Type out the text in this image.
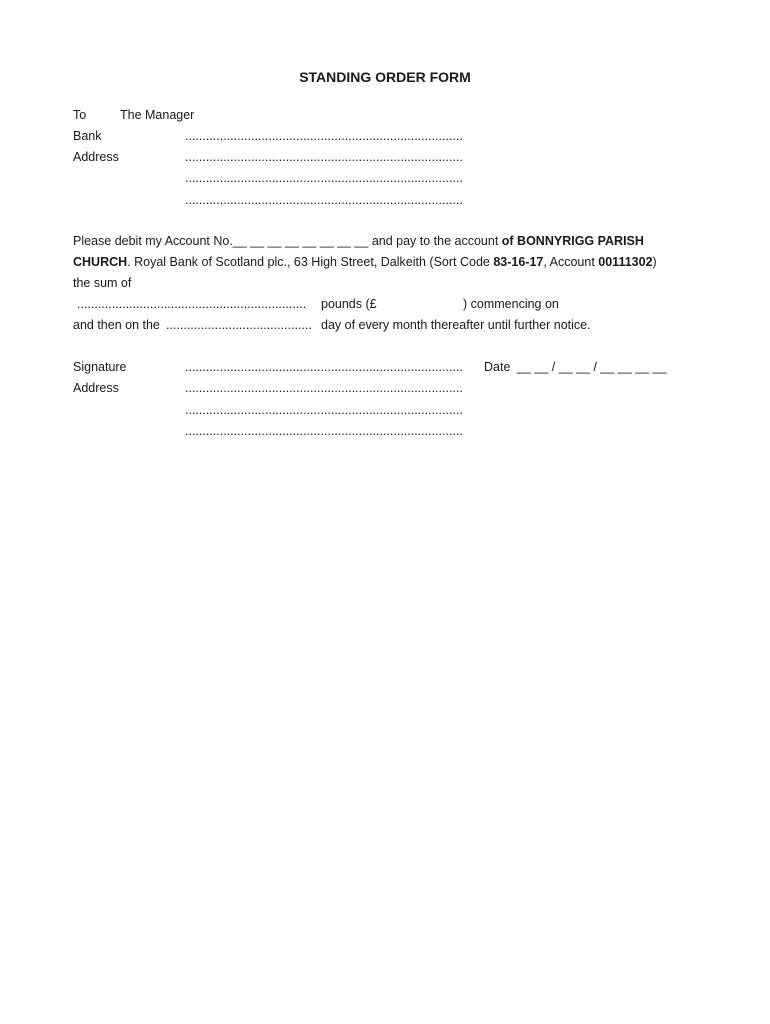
STANDING ORDER FORM
To	The Manager
Bank	................................................................................
Address	................................................................................
................................................................................
................................................................................
Please debit my Account No.__ __ __ __ __ __ __ __ and pay to the account of BONNYRIGG PARISH
CHURCH. Royal Bank of Scotland plc., 63 High Street, Dalkeith (Sort Code 83-16-17, Account 00111302)
the sum of
.................................................................. pounds (£	) commencing on
and then on the .......................................... day of every month thereafter until further notice.
Signature	................................................................................ Date __ __ / __ __ / __ __ __ __
Address	................................................................................
................................................................................
................................................................................
